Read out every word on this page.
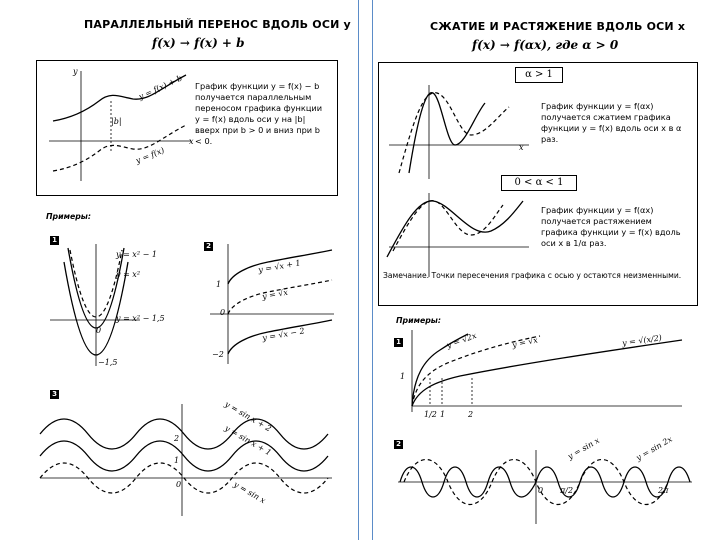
ПАРАЛЛЕЛЬНЫЙ ПЕРЕНОС ВДОЛЬ ОСИ y
f(x) → f(x) + b
y
x
y = f(x) + b
y = f(x)
|b|
График функции y = f(x) − b получается параллельным переносом графика функции y = f(x) вдоль оси y на |b| вверх при b > 0 и вниз при b < 0.
Примеры:
1
y = x² − 1
y = x²
y = x² − 1,5
0
−1,5
2
y = √x + 1
y = √x
y = √x − 2
1
0
−2
3
y = sin x + 2
y = sin x + 1
y = sin x
2
1
0
СЖАТИЕ И РАСТЯЖЕНИЕ ВДОЛЬ ОСИ x
f(x) → f(αx), где α > 0
α > 1
x
График функции y = f(αx) получается сжатием графика функции y = f(x) вдоль оси x в α раз.
0 < α < 1
График функции y = f(αx) получается растяжением графика функции y = f(x) вдоль оси x в 1/α раз.
Замечание. Точки пересечения графика с осью y остаются неизменными.
Примеры:
1	y = √2x	y = √x	y = √(x/2)
1
1/2 1	2
2	y = sin x	y = sin 2x
π/2
0	2π
